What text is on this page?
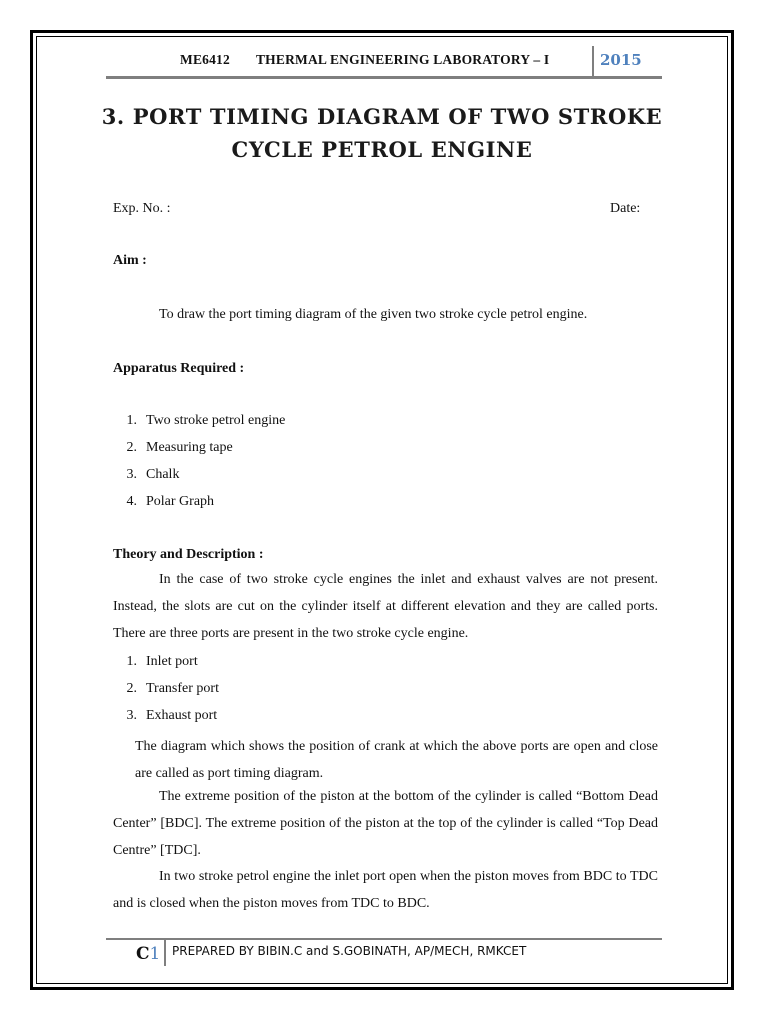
ME6412 THERMAL ENGINEERING LABORATORY – I	2015
3. PORT TIMING DIAGRAM OF TWO STROKE
CYCLE PETROL ENGINE
Exp. No. :	Date:
Aim :
To draw the port timing diagram of the given two stroke cycle petrol engine.
Apparatus Required :
1. Two stroke petrol engine
2. Measuring tape
3. Chalk
4. Polar Graph
Theory and Description :

In the case of two stroke cycle engines the inlet and exhaust valves are not present. Instead, the slots are cut on the cylinder itself at different elevation and they are called ports. There are three ports are present in the two stroke cycle engine.

1. Inlet port
2. Transfer port
3. Exhaust port

The diagram which shows the position of crank at which the above ports are open and close are called as port timing diagram.

The extreme position of the piston at the bottom of the cylinder is called “Bottom Dead Center” [BDC]. The extreme position of the piston at the top of the cylinder is called “Top Dead Centre” [TDC].

In two stroke petrol engine the inlet port open when the piston moves from BDC to TDC and is closed when the piston moves from TDC to BDC.

C1 PREPARED BY BIBIN.C and S.GOBINATH, AP/MECH, RMKCET
